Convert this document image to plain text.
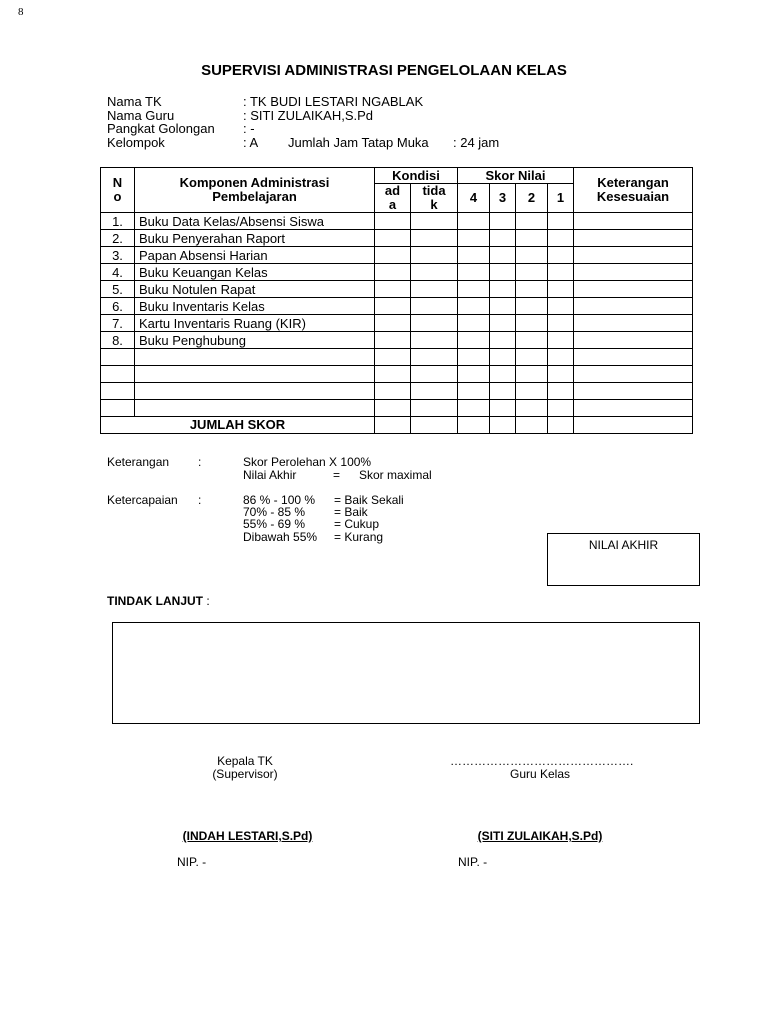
8
SUPERVISI ADMINISTRASI PENGELOLAAN KELAS
Nama TK	: TK BUDI LESTARI NGABLAK
Nama Guru	: SITI ZULAIKAH,S.Pd
Pangkat Golongan : -
Kelompok	: A Jumlah Jam Tatap Muka : 24 jam
N o	Komponen Administrasi Pembelajaran	Kondisi		Skor Nilai				Keterangan Kesesuaian
		ad a	tida k	4	3	2	1	
1.	Buku Data Kelas/Absensi Siswa							
2.	Buku Penyerahan Raport							
3.	Papan Absensi Harian							
4.	Buku Keuangan Kelas							
5.	Buku Notulen Rapat							
6.	Buku Inventaris Kelas							
7.	Kartu Inventaris Ruang (KIR)							
8.	Buku Penghubung							

JUMLAH SKOR								
Keterangan :	Skor Perolehan X 100%
Nilai Akhir	= Skor maximal
Ketercapaian :	86 % - 100 % = Baik Sekali
70% - 85 % = Baik
55% - 69 % = Cukup
Dibawah 55% = Kurang
NILAI AKHIR
TINDAK LANJUT :
Kepala TK
(Supervisor)
……………………………………….
Guru Kelas
(INDAH LESTARI,S.Pd)	(SITI ZULAIKAH,S.Pd)
NIP. -	NIP. -
